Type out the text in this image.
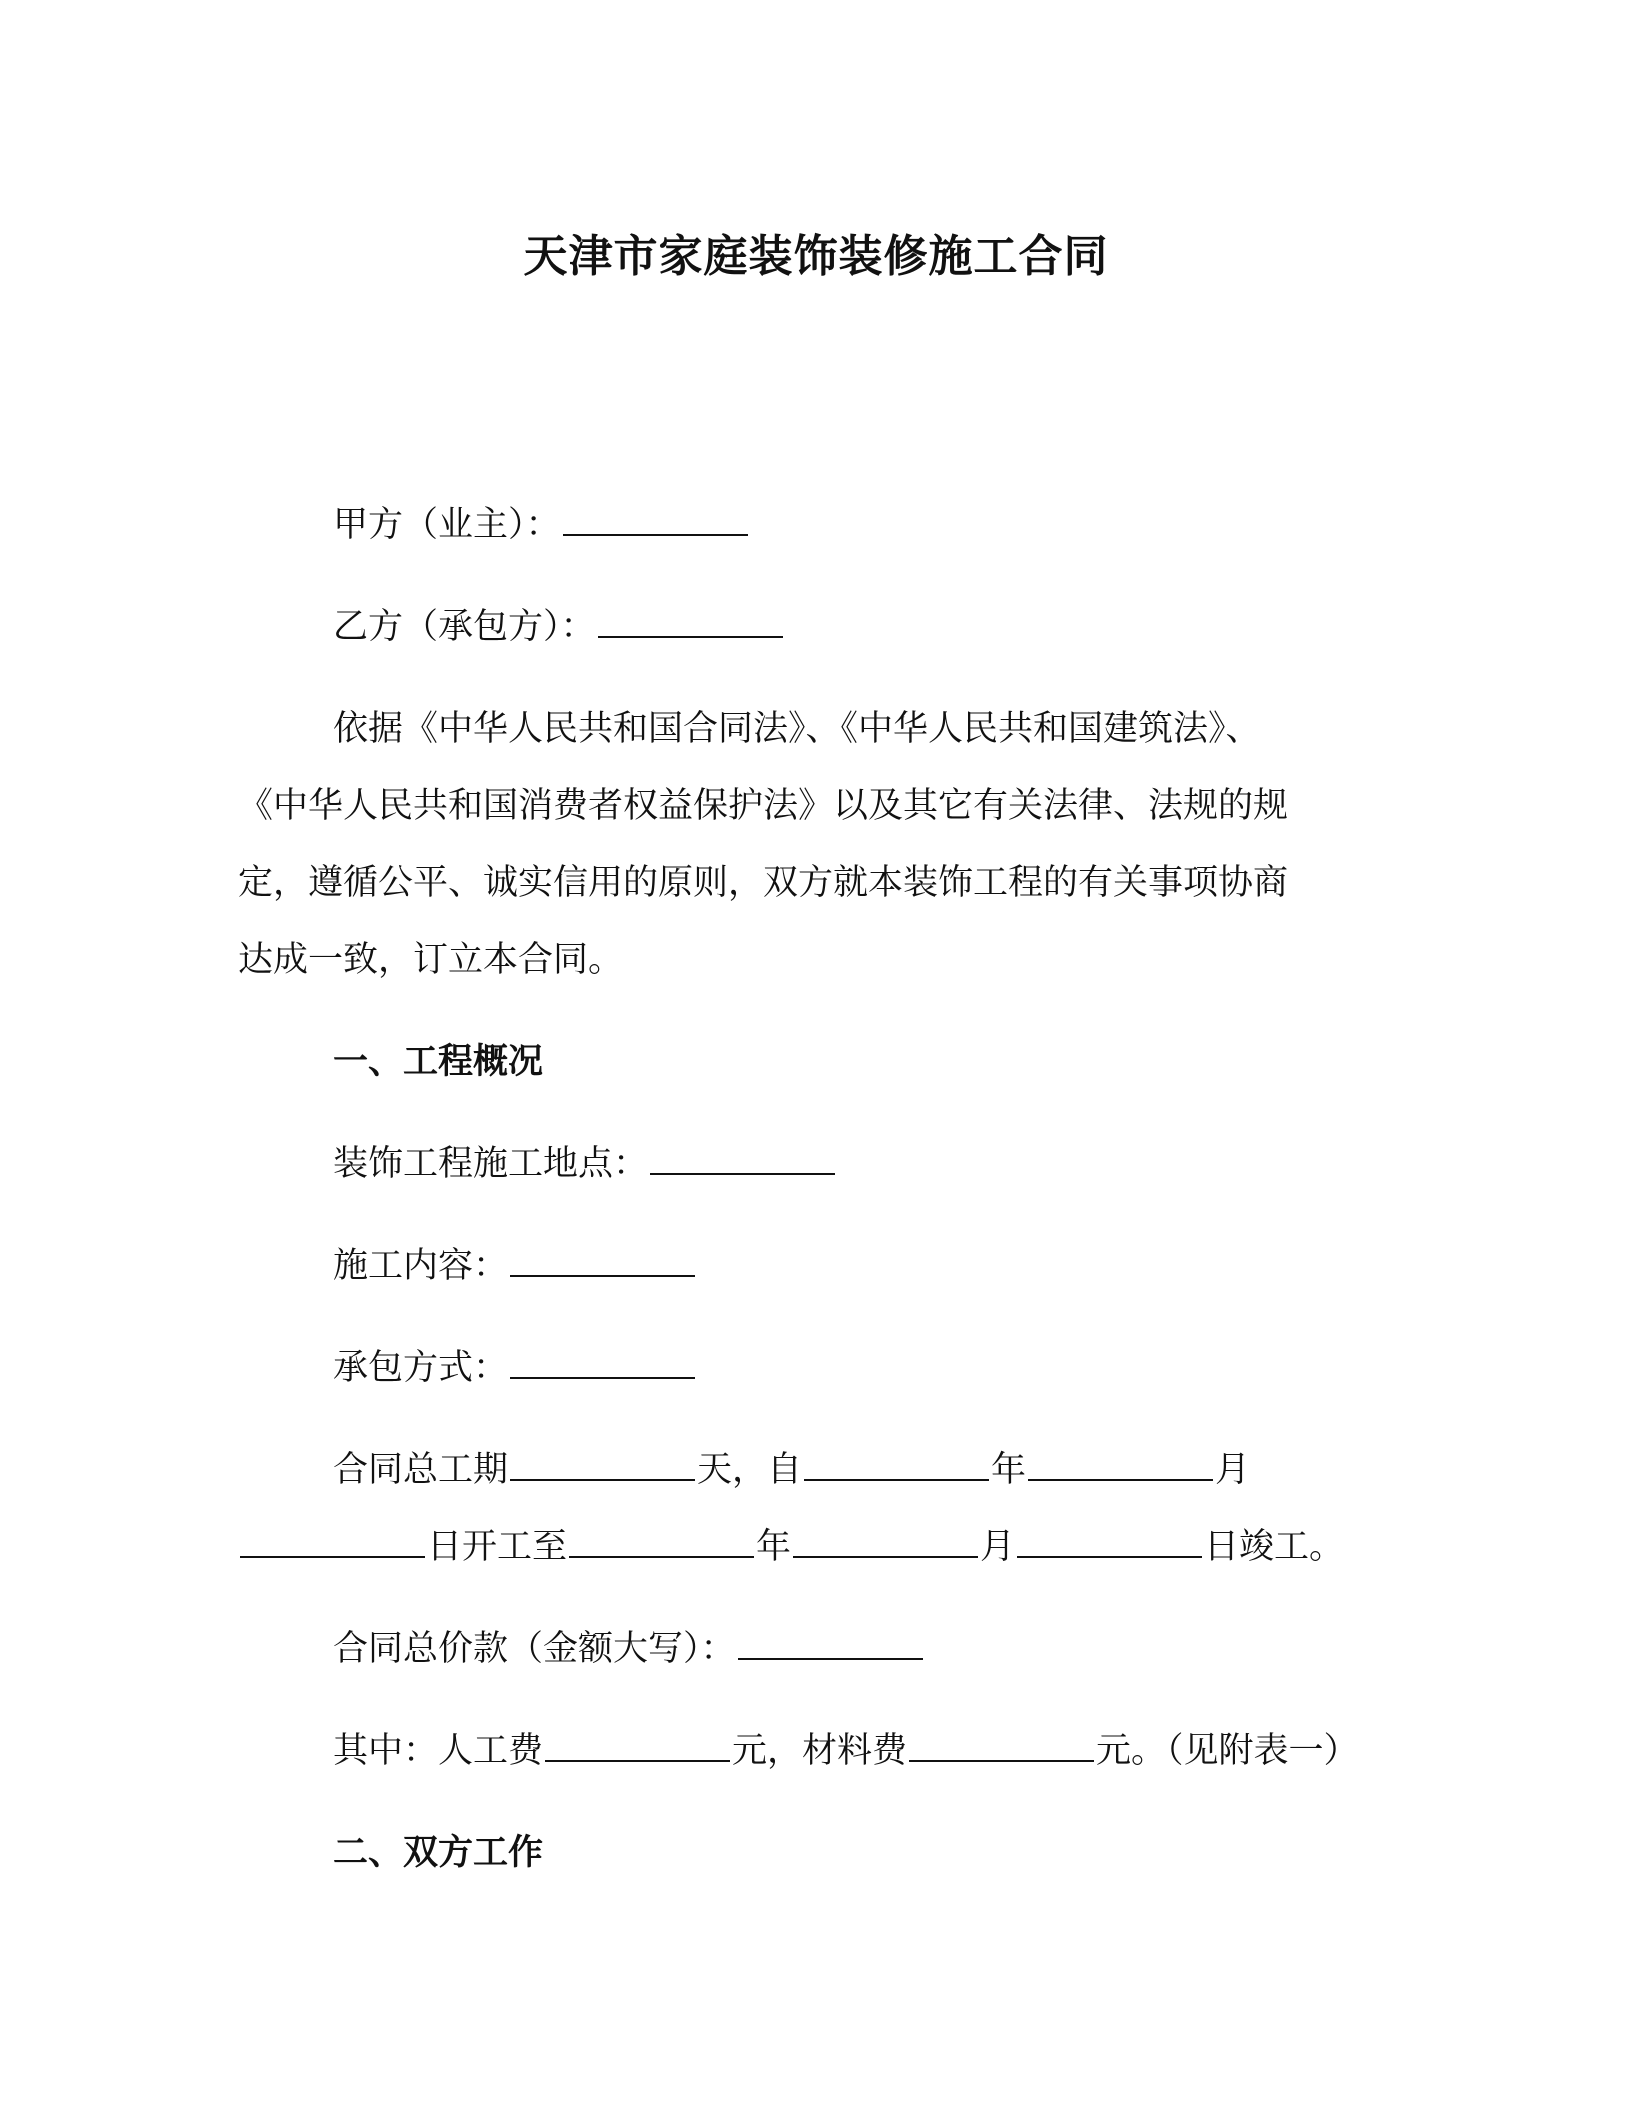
天津市家庭装饰装修施工合同

甲方（业主）：

乙方（承包方）：

依据《中华人民共和国合同法》、《中华人民共和国建筑法》、

《中华人民共和国消费者权益保护法》以及其它有关法律、法规的规

定，遵循公平、诚实信用的原则，双方就本装饰工程的有关事项协商

达成一致，订立本合同。

一、工程概况

装饰工程施工地点：

施工内容：

承包方式：

合同总工期	天，自	年	月

日开工至	年	月	日竣工。

合同总价款（金额大写）：

其中：人工费	元，材料费	元。（见附表一）

二、双方工作
